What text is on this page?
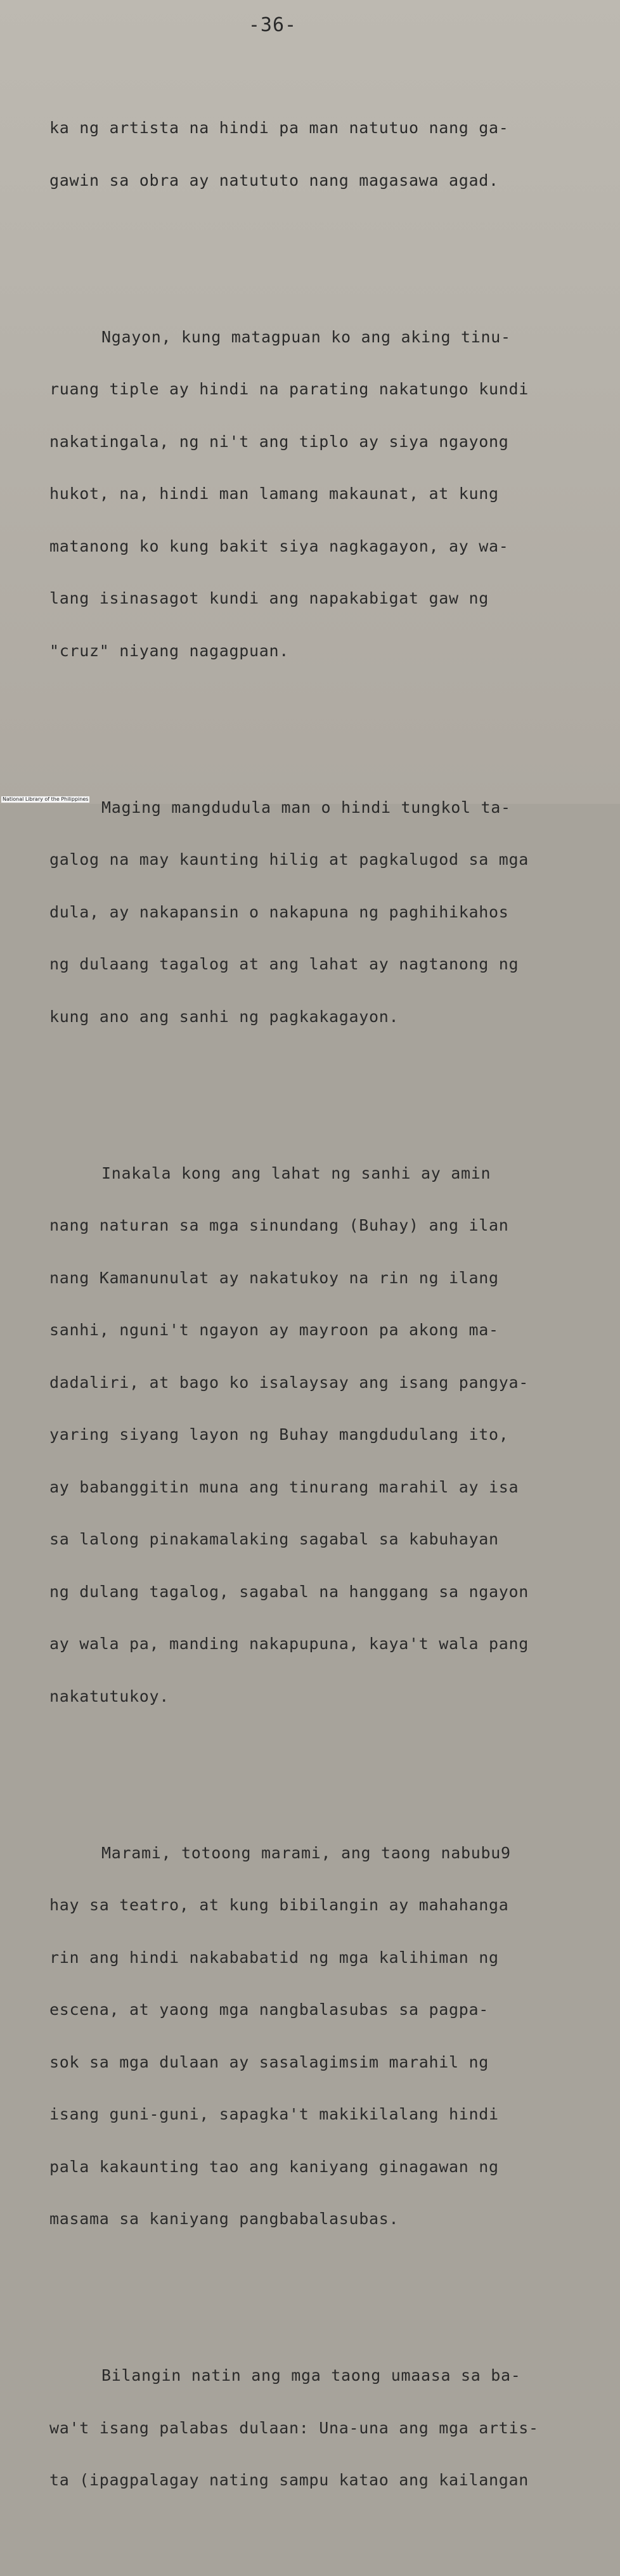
-36-

ka ng artista na hindi pa man natutuo nang ga-

gawin sa obra ay natututo nang magasawa agad.

Ngayon, kung matagpuan ko ang aking tinu-

ruang tiple ay hindi na parating nakatungo kundi

nakatingala, ng ni't ang tiplo ay siya ngayong

hukot, na, hindi man lamang makaunat, at kung

matanong ko kung bakit siya nagkagayon, ay wa-

lang isinasagot kundi ang napakabigat gaw ng

"cruz" niyang nagagpuan.

Maging mangdudula man o hindi tungkol ta-

galog na may kaunting hilig at pagkalugod sa mga

dula, ay nakapansin o nakapuna ng paghihikahos

ng dulaang tagalog at ang lahat ay nagtanong ng

kung ano ang sanhi ng pagkakagayon.

Inakala kong ang lahat ng sanhi ay amin

nang naturan sa mga sinundang (Buhay) ang ilan

nang Kamanunulat ay nakatukoy na rin ng ilang

sanhi, nguni't ngayon ay mayroon pa akong ma-

dadaliri, at bago ko isalaysay ang isang pangya-

yaring siyang layon ng Buhay mangdudulang ito,

ay babanggitin muna ang tinurang marahil ay isa

sa lalong pinakamalaking sagabal sa kabuhayan

ng dulang tagalog, sagabal na hanggang sa ngayon

ay wala pa, manding nakapupuna, kaya't wala pang

nakatutukoy.

Marami, totoong marami, ang taong nabubu9

hay sa teatro, at kung bibilangin ay mahahanga

rin ang hindi nakababatid ng mga kalihiman ng

escena, at yaong mga nangbalasubas sa pagpa-

sok sa mga dulaan ay sasalagimsim marahil ng

isang guni-guni, sapagka't makikilalang hindi

pala kakaunting tao ang kaniyang ginagawan ng

masama sa kaniyang pangbabalasubas.

Bilangin natin ang mga taong umaasa sa ba-

wa't isang palabas dulaan: Una-una ang mga artis-

ta (ipagpalagay nating sampu katao ang kailangan

National Library of the Philippines
